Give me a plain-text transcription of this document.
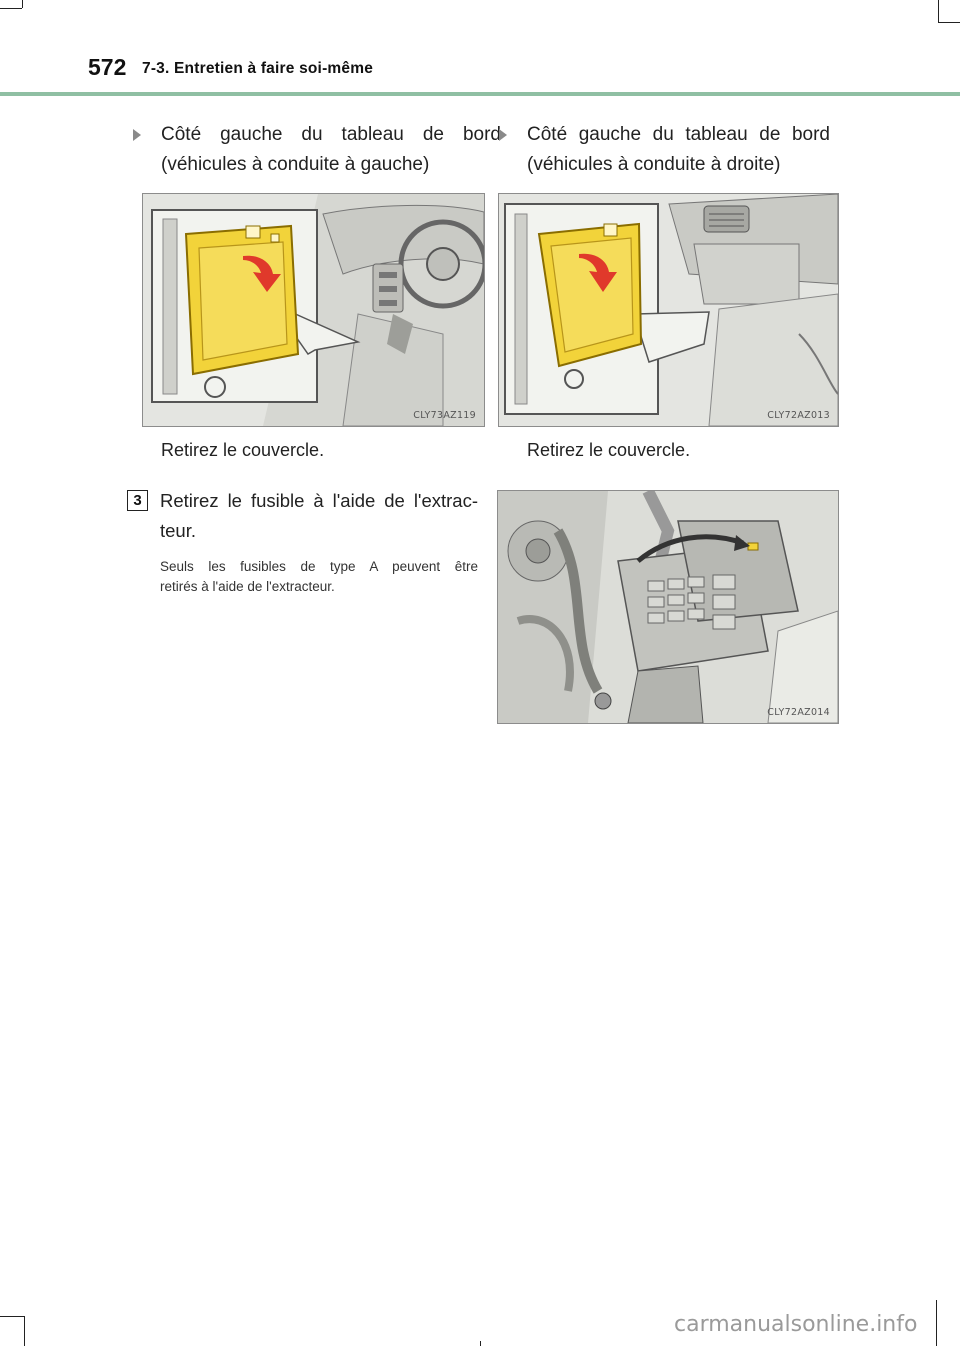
572 7-3. Entretien à faire soi-même
Côté gauche du tableau de bord
(véhicules à conduite à gauche)
Côté gauche du tableau de bord
(véhicules à conduite à droite)
CLY73AZ119	CLY72AZ013
Retirez le couvercle.	Retirez le couvercle.
3 Retirez le fusible à l'aide de l'extrac-
teur.
Seuls les fusibles de type A peuvent être
retirés à l'aide de l'extracteur.
CLY72AZ014
carmanualsonline.info
